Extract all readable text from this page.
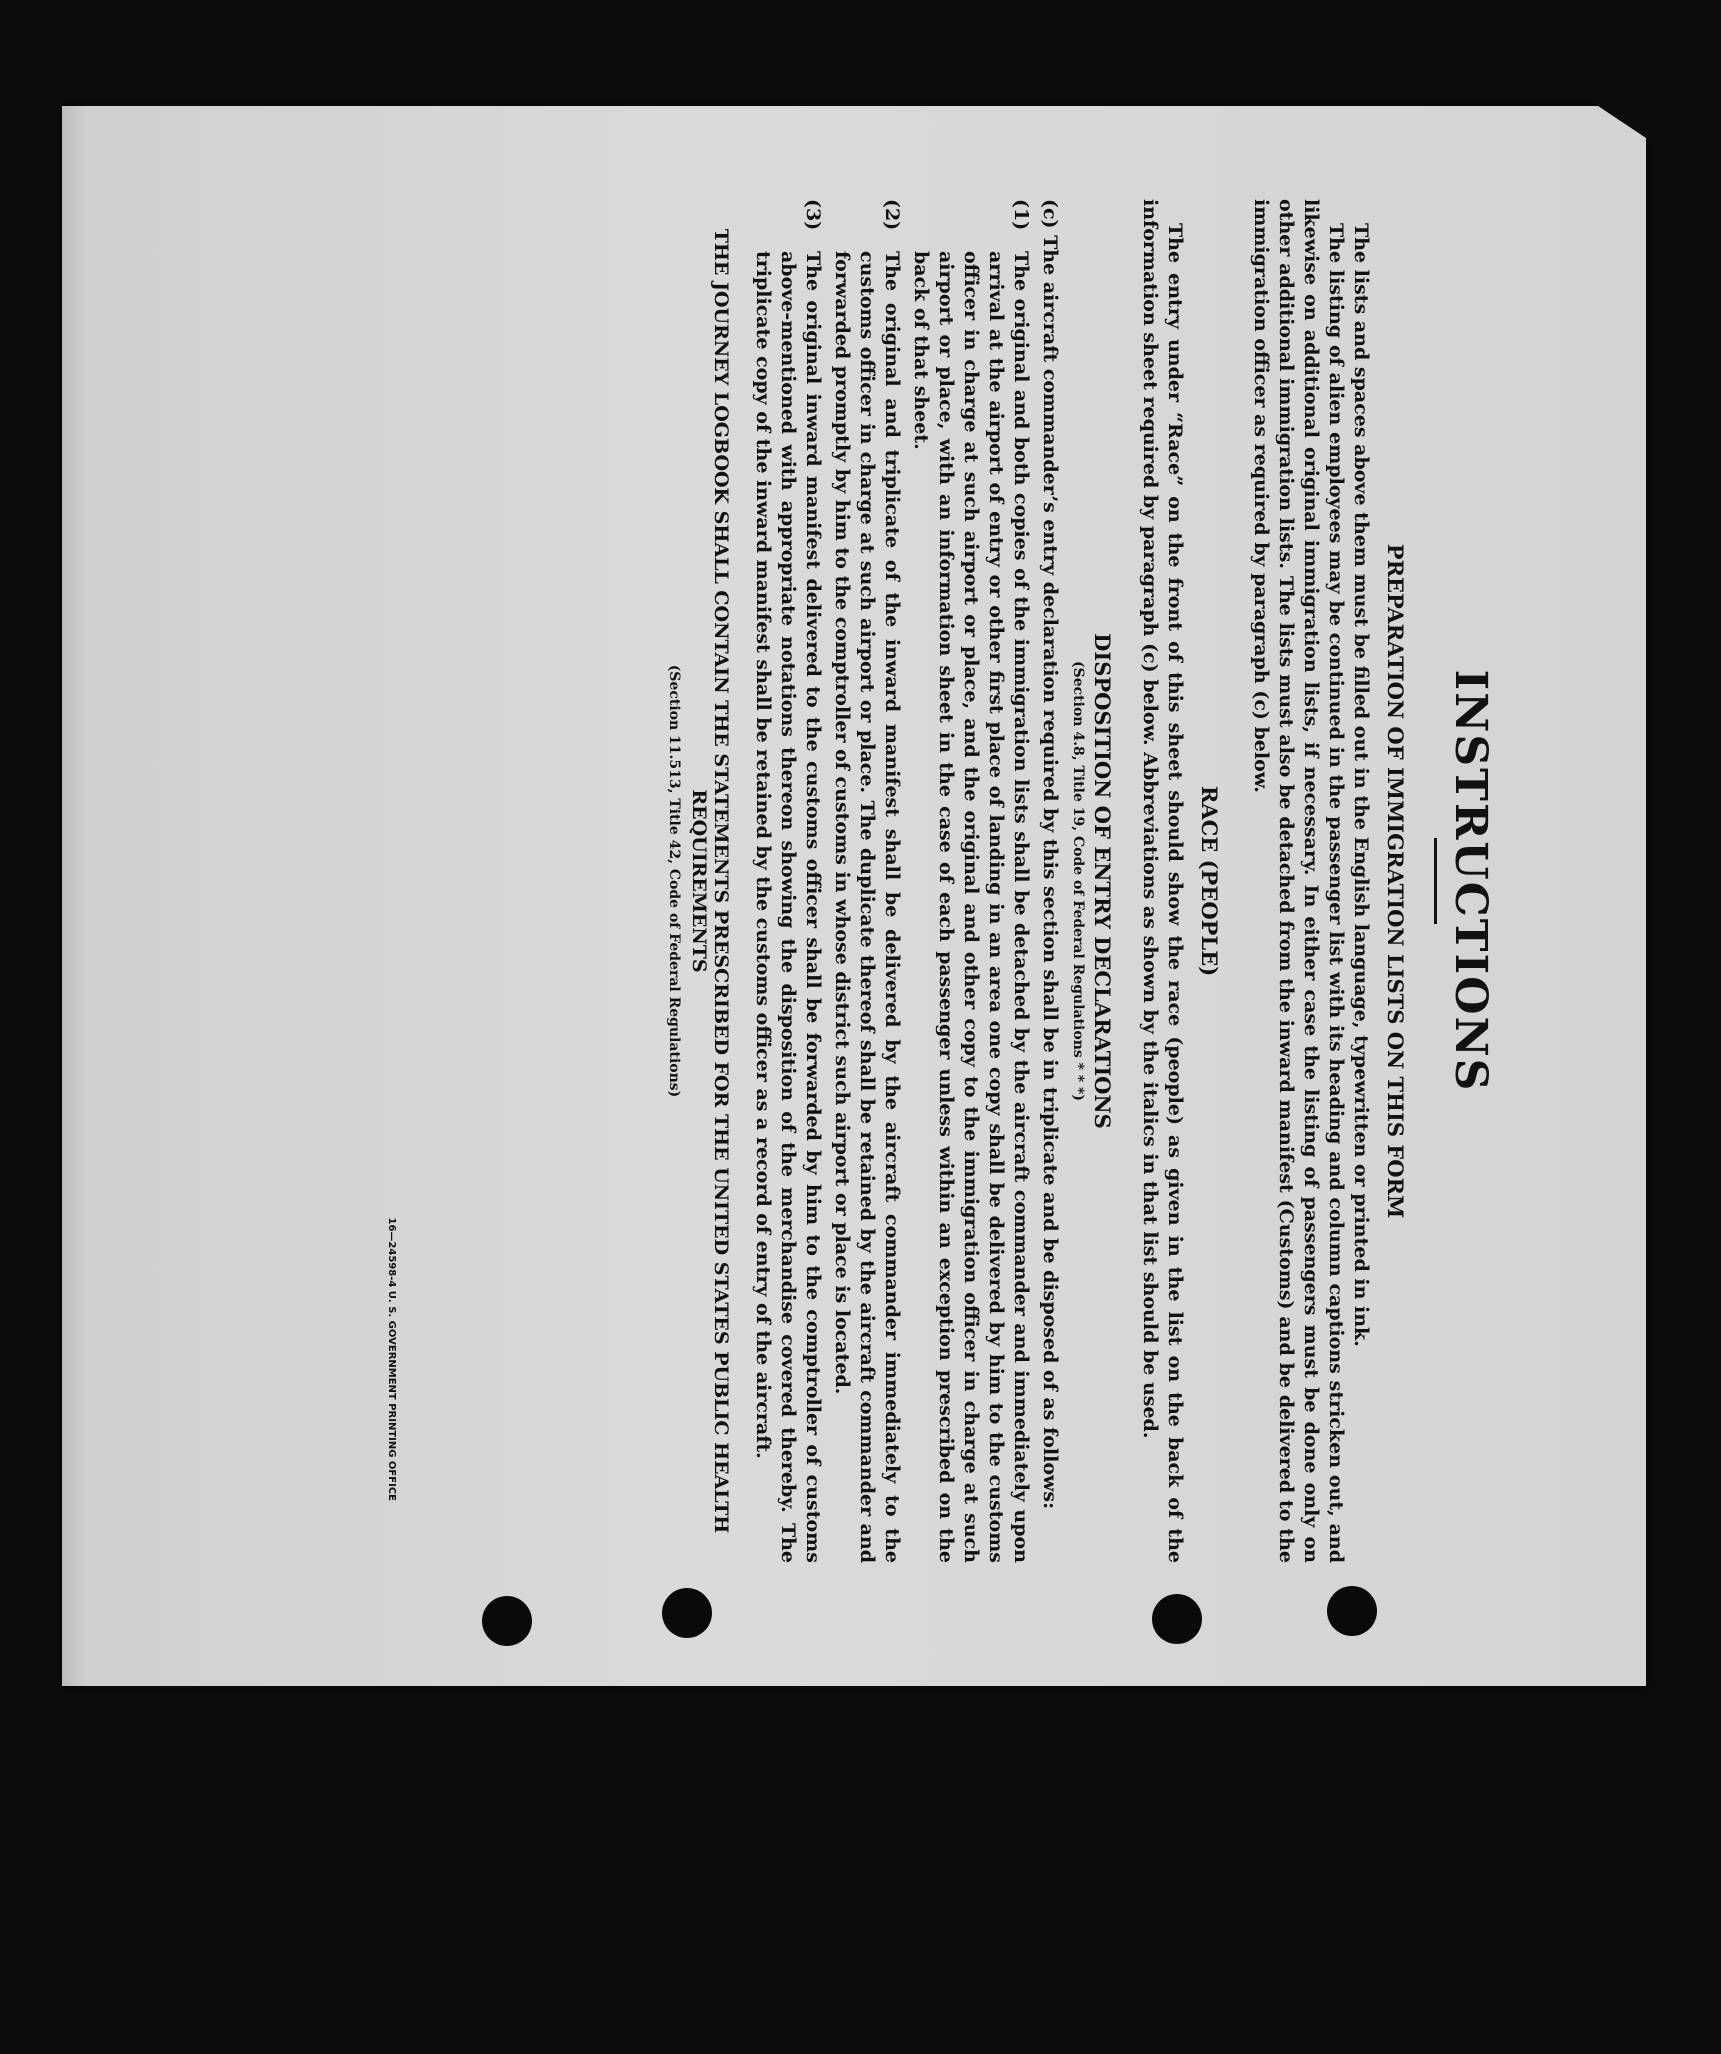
INSTRUCTIONS
PREPARATION OF IMMIGRATION LISTS ON THIS FORM

The lists and spaces above them must be filled out in the English language, typewritten or printed in ink.

The listing of alien employees may be continued in the passenger list with its heading and column captions stricken out, and likewise on additional original immigration lists, if necessary. In either case the listing of passengers must be done only on other additional immigration lists. The lists must also be detached from the inward manifest (Customs) and be delivered to the immigration officer as required by paragraph (c) below.

RACE (PEOPLE)

The entry under “Race” on the front of this sheet should show the race (people) as given in the list on the back of the information sheet required by paragraph (c) below. Abbreviations as shown by the italics in that list should be used.

DISPOSITION OF ENTRY DECLARATIONS
(Section 4.8, Title 19, Code of Federal Regulations * * *)

(c) The aircraft commander’s entry declaration required by this section shall be in triplicate and be disposed of as follows:

(1)
The original and both copies of the immigration lists shall be detached by the aircraft commander and immediately upon arrival at the airport of entry or other first place of landing in an area one copy shall be delivered by him to the customs officer in charge at such airport or place, and the original and other copy to the immigration officer in charge at such airport or place, with an information sheet in the case of each passenger unless within an exception prescribed on the back of that sheet.
(2)
The original and triplicate of the inward manifest shall be delivered by the aircraft commander immediately to the customs officer in charge at such airport or place. The duplicate thereof shall be retained by the aircraft commander and forwarded promptly by him to the comptroller of customs in whose district such airport or place is located.
(3)
The original inward manifest delivered to the customs officer shall be forwarded by him to the comptroller of customs above-mentioned with appropriate notations thereon showing the disposition of the merchandise covered thereby. The triplicate copy of the inward manifest shall be retained by the customs officer as a record of entry of the aircraft.
THE JOURNEY LOGBOOK SHALL CONTAIN THE STATEMENTS PRESCRIBED FOR THE UNITED STATES PUBLIC HEALTH REQUIREMENTS
(Section 11.513, Title 42, Code of Federal Regulations)
16—24598-4 U. S. GOVERNMENT PRINTING OFFICE
